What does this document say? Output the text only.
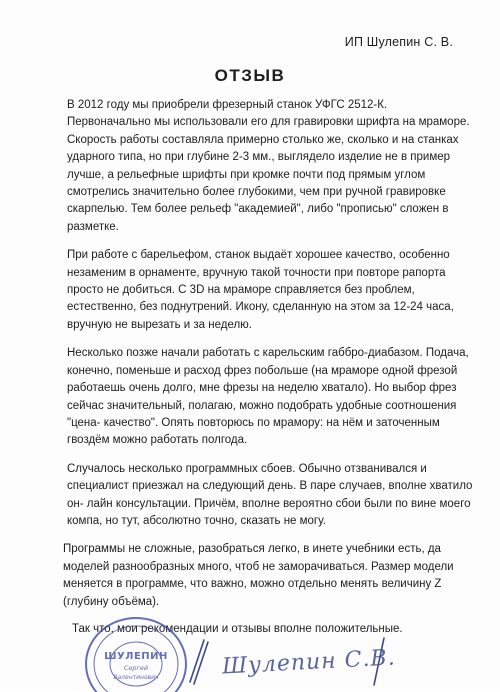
ИП Шулепин С. В.
ОТЗЫВ

В 2012 году мы приобрели фрезерный станок УФГС 2512-К. Первоначально мы использовали его для гравировки шрифта на мраморе. Скорость работы составляла примерно столько же, сколько и на станках ударного типа, но при глубине 2-3 мм., выглядело изделие не в пример лучше, а рельефные шрифты при кромке почти под прямым углом смотрелись значительно более глубокими, чем при ручной гравировке скарпелью. Тем более рельеф "академией", либо "прописью" сложен в разметке.

При работе с барельефом, станок выдаёт хорошее качество, особенно незаменим в орнаменте, вручную такой точности при повторе рапорта просто не добиться. С 3D на мраморе справляется без проблем, естественно, без поднутрений. Икону, сделанную на этом за 12-24 часа, вручную не вырезать и за неделю.

Несколько позже начали работать с карельским габбро-диабазом. Подача, конечно, поменьше и расход фрез побольше (на мраморе одной фрезой работаешь очень долго, мне фрезы на неделю хватало). Но выбор фрез сейчас значительный, полагаю, можно подобрать удобные соотношения "цена- качество". Опять повторюсь по мрамору: на нём и заточенным гвоздём можно работать полгода.

Случалось несколько программных сбоев. Обычно отзванивался и специалист приезжал на следующий день. В паре случаев, вполне хватило он- лайн консультации. Причём, вполне вероятно сбои были по вине моего компа, но тут, абсолютно точно, сказать не могу.

Программы не сложные, разобраться легко, в инете учебники есть, да моделей разнообразных много, чтоб не заморачиваться. Размер модели меняется в программе, что важно, можно отдельно менять величину Z (глубину объёма).

Так что, мои рекомендации и отзывы вполне положительные.
ШУЛЕПИН
Сергей
Валентинович	Шулепин С.В.
